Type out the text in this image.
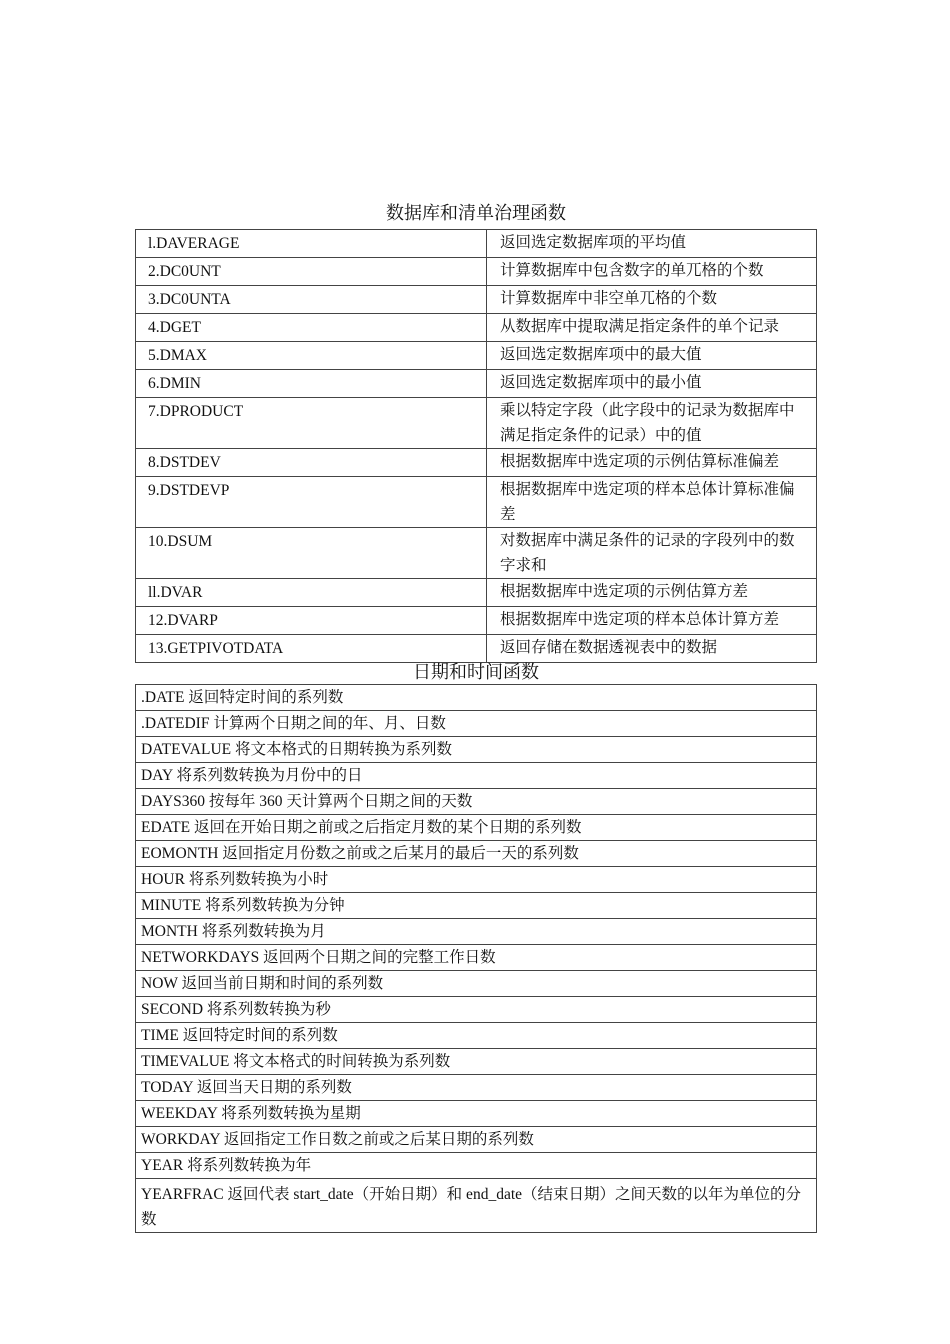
数据库和清单治理函数
l.DAVERAGE	返回选定数据库项的平均值
2.DC0UNT	计算数据库中包含数字的单兀格的个数
3.DC0UNTA	计算数据库中非空单兀格的个数
4.DGET	从数据库中提取满足指定条件的单个记录
5.DMAX	返回选定数据库项中的最大值
6.DMIN	返回选定数据库项中的最小值
7.DPRODUCT	乘以特定字段（此字段中的记录为数据库中满足指定条件的记录）中的值
8.DSTDEV	根据数据库中选定项的示例估算标准偏差
9.DSTDEVP	根据数据库中选定项的样本总体计算标准偏差
10.DSUM	对数据库中满足条件的记录的字段列中的数字求和
ll.DVAR	根据数据库中选定项的示例估算方差
12.DVARP	根据数据库中选定项的样本总体计算方差
13.GETPIVOTDATA	返回存储在数据透视表中的数据
日期和时间函数
.DATE 返回特定时间的系列数
.DATEDIF 计算两个日期之间的年、月、日数
DATEVALUE 将文本格式的日期转换为系列数
DAY 将系列数转换为月份中的日
DAYS360 按每年 360 天计算两个日期之间的天数
EDATE 返回在开始日期之前或之后指定月数的某个日期的系列数
EOMONTH 返回指定月份数之前或之后某月的最后一天的系列数
HOUR 将系列数转换为小时
MINUTE 将系列数转换为分钟
MONTH 将系列数转换为月
NETWORKDAYS 返回两个日期之间的完整工作日数
NOW 返回当前日期和时间的系列数
SECOND 将系列数转换为秒
TIME 返回特定时间的系列数
TIMEVALUE 将文本格式的时间转换为系列数
TODAY 返回当天日期的系列数
WEEKDAY 将系列数转换为星期
WORKDAY 返回指定工作日数之前或之后某日期的系列数
YEAR 将系列数转换为年
YEARFRAC 返回代表 start_date（开始日期）和 end_date（结束日期）之间天数的以年为单位的分数
